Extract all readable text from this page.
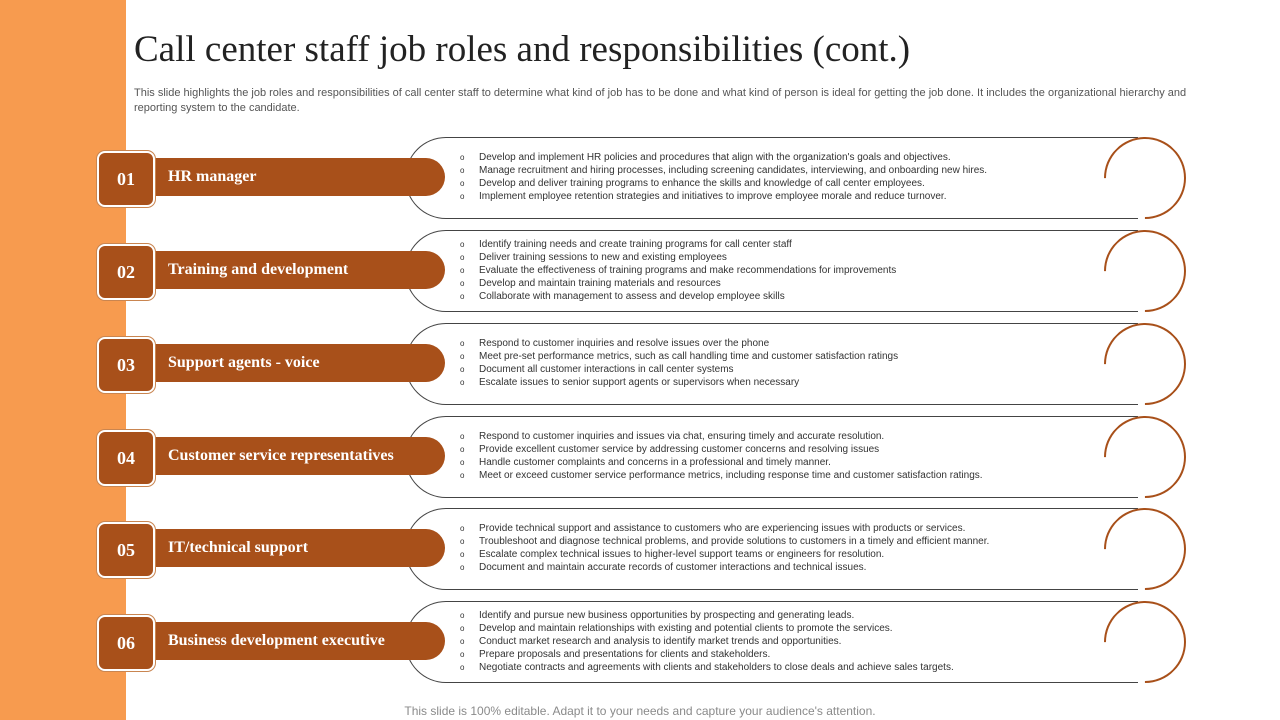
Call center staff job roles and responsibilities (cont.)

This slide highlights the job roles and responsibilities of call center staff to determine what kind of job has to be done and what kind of person is ideal for getting the job done. It includes the organizational hierarchy and reporting system to the candidate.

HR manager
01
o Develop and implement HR policies and procedures that align with the organization's goals and objectives.
o Manage recruitment and hiring processes, including screening candidates, interviewing, and onboarding new hires.
o Develop and deliver training programs to enhance the skills and knowledge of call center employees.
o Implement employee retention strategies and initiatives to improve employee morale and reduce turnover.
Training and development
02
o Identify training needs and create training programs for call center staff
o Deliver training sessions to new and existing employees
o Evaluate the effectiveness of training programs and make recommendations for improvements
o Develop and maintain training materials and resources
o Collaborate with management to assess and develop employee skills
Support agents - voice
03
o Respond to customer inquiries and resolve issues over the phone
o Meet pre-set performance metrics, such as call handling time and customer satisfaction ratings
o Document all customer interactions in call center systems
o Escalate issues to senior support agents or supervisors when necessary
Customer service representatives
04
o Respond to customer inquiries and issues via chat, ensuring timely and accurate resolution.
o Provide excellent customer service by addressing customer concerns and resolving issues
o Handle customer complaints and concerns in a professional and timely manner.
o Meet or exceed customer service performance metrics, including response time and customer satisfaction ratings.
IT/technical support
05
o Provide technical support and assistance to customers who are experiencing issues with products or services.
o Troubleshoot and diagnose technical problems, and provide solutions to customers in a timely and efficient manner.
o Escalate complex technical issues to higher-level support teams or engineers for resolution.
o Document and maintain accurate records of customer interactions and technical issues.
Business development executive
06
o Identify and pursue new business opportunities by prospecting and generating leads.
o Develop and maintain relationships with existing and potential clients to promote the services.
o Conduct market research and analysis to identify market trends and opportunities.
o Prepare proposals and presentations for clients and stakeholders.
o Negotiate contracts and agreements with clients and stakeholders to close deals and achieve sales targets.
This slide is 100% editable. Adapt it to your needs and capture your audience's attention.
